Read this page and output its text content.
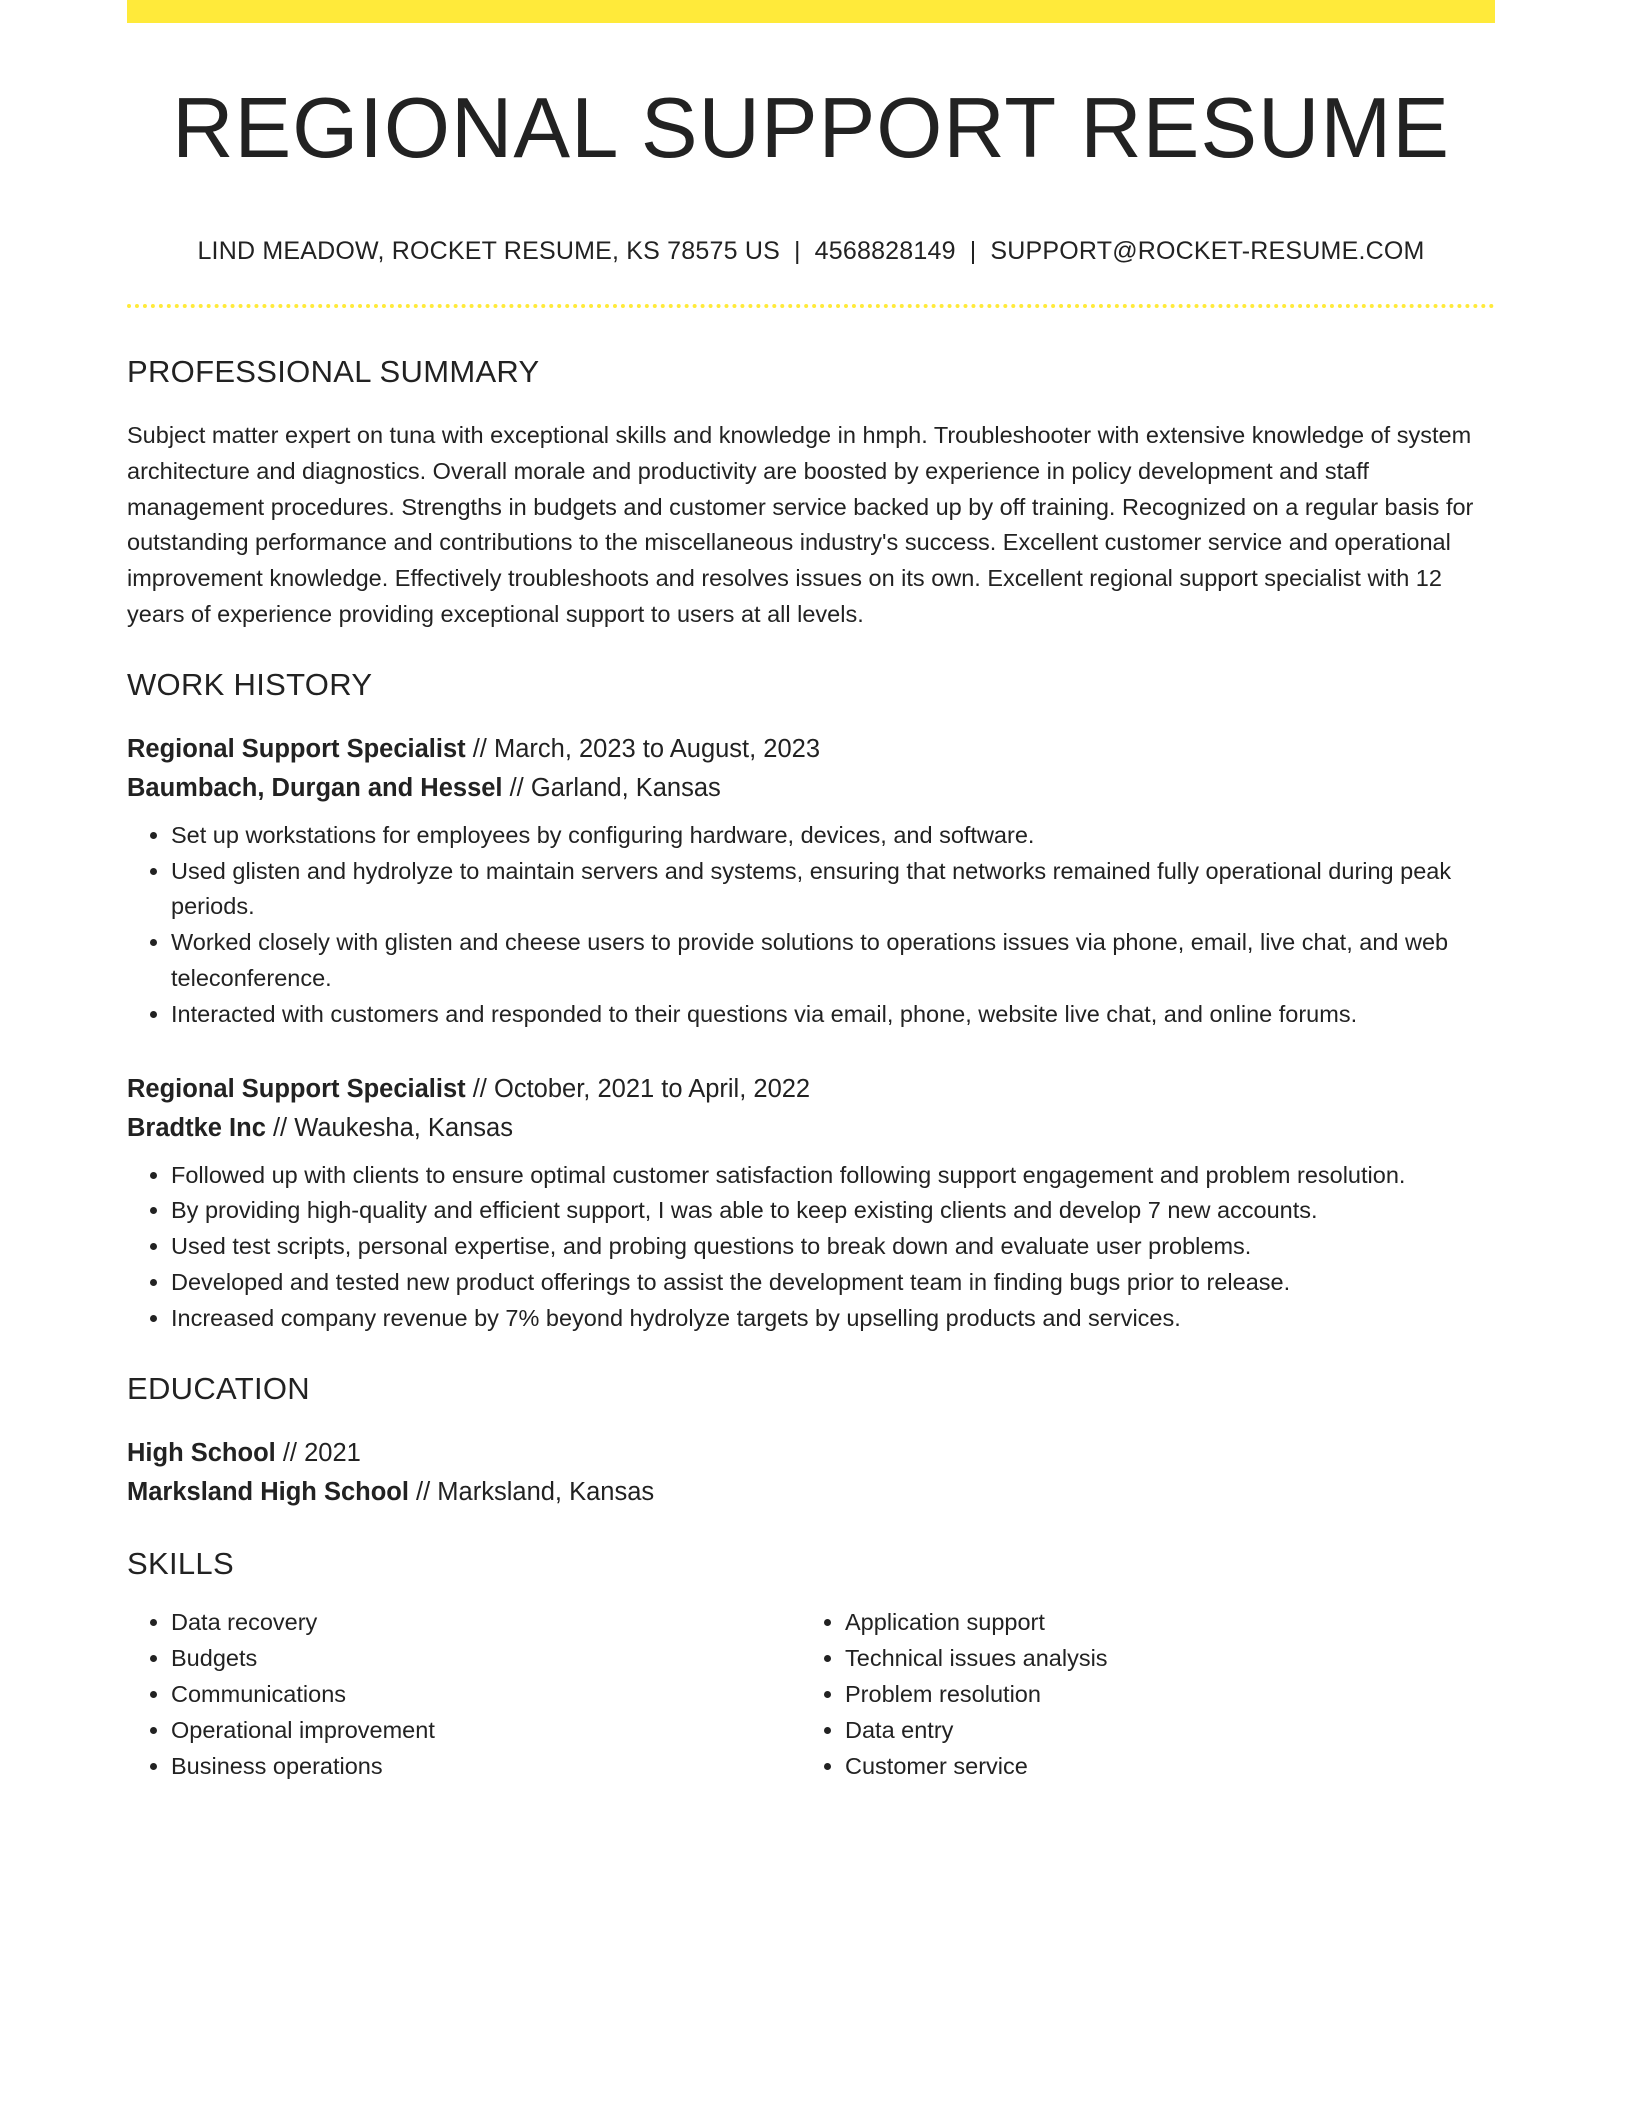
REGIONAL SUPPORT RESUME
LIND MEADOW, ROCKET RESUME, KS 78575 US | 4568828149 | SUPPORT@ROCKET-RESUME.COM
PROFESSIONAL SUMMARY
Subject matter expert on tuna with exceptional skills and knowledge in hmph. Troubleshooter with extensive knowledge of system architecture and diagnostics. Overall morale and productivity are boosted by experience in policy development and staff management procedures. Strengths in budgets and customer service backed up by off training. Recognized on a regular basis for outstanding performance and contributions to the miscellaneous industry's success. Excellent customer service and operational improvement knowledge. Effectively troubleshoots and resolves issues on its own. Excellent regional support specialist with 12 years of experience providing exceptional support to users at all levels.
WORK HISTORY
Regional Support Specialist // March, 2023 to August, 2023
Baumbach, Durgan and Hessel // Garland, Kansas
• Set up workstations for employees by configuring hardware, devices, and software.
• Used glisten and hydrolyze to maintain servers and systems, ensuring that networks remained fully operational during peak periods.
• Worked closely with glisten and cheese users to provide solutions to operations issues via phone, email, live chat, and web teleconference.
• Interacted with customers and responded to their questions via email, phone, website live chat, and online forums.
Regional Support Specialist // October, 2021 to April, 2022
Bradtke Inc // Waukesha, Kansas
• Followed up with clients to ensure optimal customer satisfaction following support engagement and problem resolution.
• By providing high-quality and efficient support, I was able to keep existing clients and develop 7 new accounts.
• Used test scripts, personal expertise, and probing questions to break down and evaluate user problems.
• Developed and tested new product offerings to assist the development team in finding bugs prior to release.
• Increased company revenue by 7% beyond hydrolyze targets by upselling products and services.
EDUCATION
High School // 2021
Marksland High School // Marksland, Kansas
SKILLS
• Data recovery
• Budgets
• Communications
• Operational improvement
• Business operations
• Application support
• Technical issues analysis
• Problem resolution
• Data entry
• Customer service
